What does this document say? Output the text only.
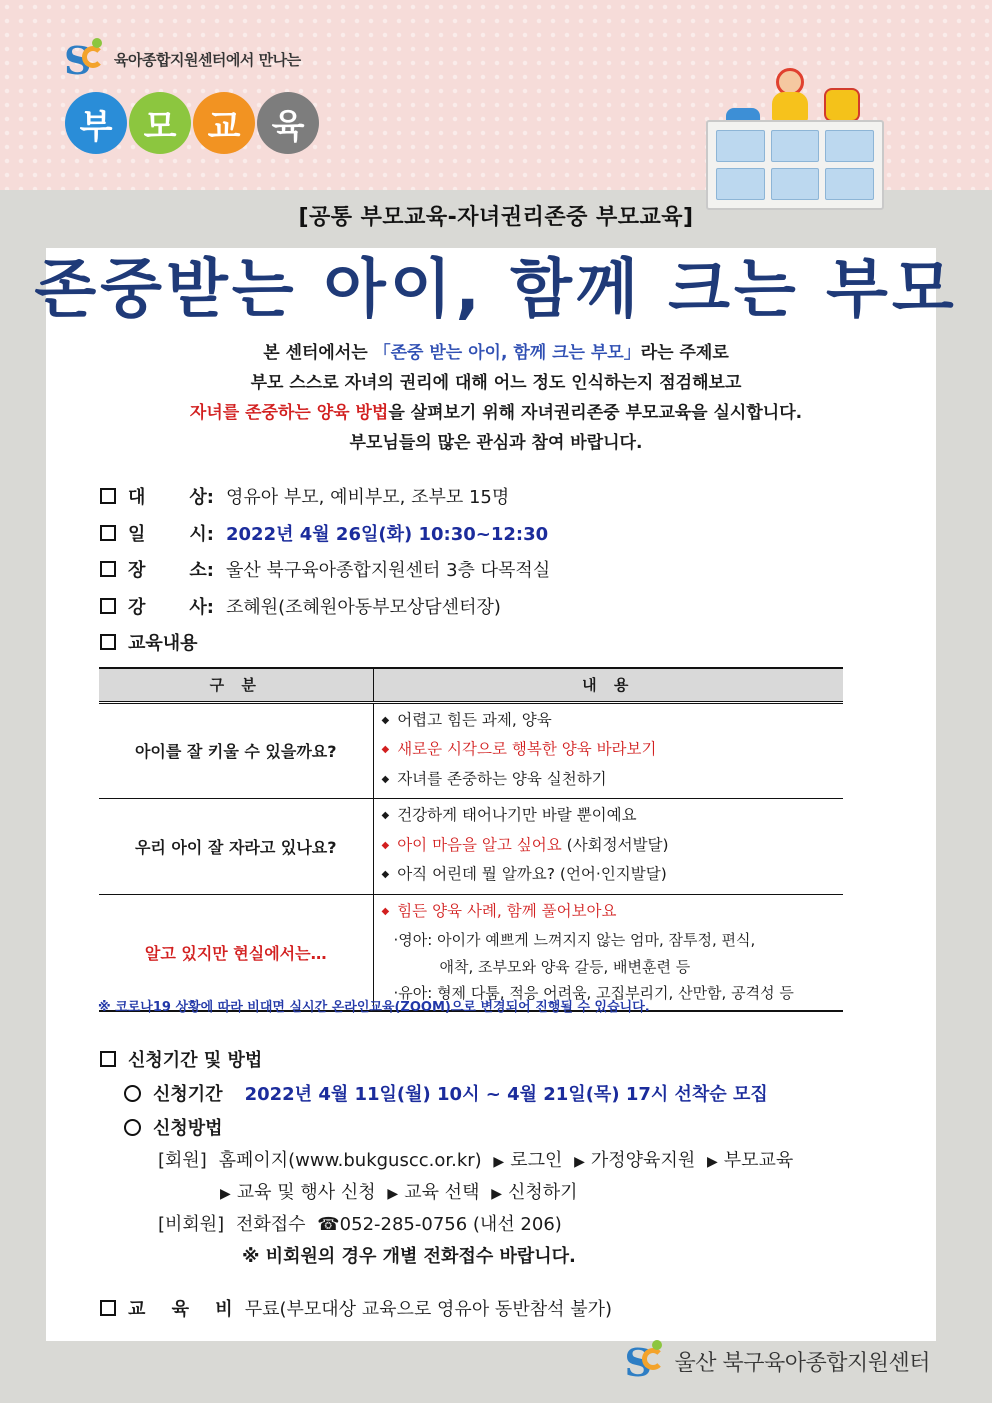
S 육아종합지원센터에서 만나는
부 모 교 육
[공통 부모교육-자녀권리존중 부모교육]
존중받는 아이, 함께 크는 부모
본 센터에서는 「존중 받는 아이, 함께 크는 부모」라는 주제로
부모 스스로 자녀의 권리에 대해 어느 정도 인식하는지 점검해보고
자녀를 존중하는 양육 방법을 살펴보기 위해 자녀권리존중 부모교육을 실시합니다.
부모님들의 많은 관심과 참여 바랍니다.
대 상: 영유아 부모, 예비부모, 조부모 15명
일 시: 2022년 4월 26일(화) 10:30~12:30
장 소: 울산 북구육아종합지원센터 3층 다목적실
강 사: 조혜원(조혜원아동부모상담센터장)
교육내용
구 분	내 용
아이를 잘 키울 수 있을까요?	◆ 어렵고 힘든 과제, 양육
◆ 새로운 시각으로 행복한 양육 바라보기
◆ 자녀를 존중하는 양육 실천하기

우리 아이 잘 자라고 있나요?	◆ 건강하게 태어나기만 바랄 뿐이예요
◆ 아이 마음을 알고 싶어요 (사회정서발달)
◆ 아직 어린데 뭘 알까요? (언어·인지발달)

알고 있지만 현실에서는…	◆ 힘든 양육 사례, 함께 풀어보아요
·영아: 아이가 예쁘게 느껴지지 않는 엄마, 잠투정, 편식,
애착, 조부모와 양육 갈등, 배변훈련 등
·유아: 형제 다툼, 적응 어려움, 고집부리기, 산만함, 공격성 등
※ 코로나19 상황에 따라 비대면 실시간 온라인교육(ZOOM)으로 변경되어 진행될 수 있습니다.
신청기간 및 방법
신청기간 2022년 4월 11일(월) 10시 ~ 4월 21일(목) 17시 선착순 모집
신청방법
[회원] 홈페이지(www.bukguscc.or.kr) ▶ 로그인 ▶ 가정양육지원 ▶ 부모교육
▶ 교육 및 행사 신청 ▶ 교육 선택 ▶ 신청하기
[비회원] 전화접수 ☎052-285-0756 (내선 206)
※ 비회원의 경우 개별 전화접수 바랍니다.
교 육 비 무료(부모대상 교육으로 영유아 동반참석 불가)
S 울산 북구육아종합지원센터
